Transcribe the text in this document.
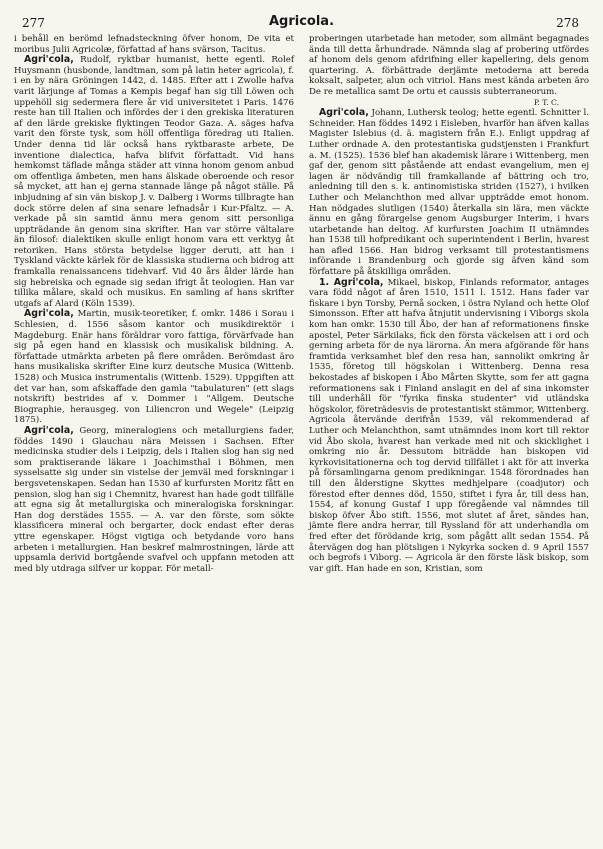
277	Agricola.	278

i behåll en berömd lefnadsteckning öfver honom, De vita et moribus Julii Agricolæ, författad af hans svärson, Tacitus.

Agri'cola, Rudolf, ryktbar humanist, hette egentl. Rolef Huysmann (husbonde, landtman, som på latin heter agricola), f. i en by nära Gröningen 1442, d. 1485. Efter att i Zwolle hafva varit lärjunge af Tomas a Kempis begaf han sig till Löwen och uppehöll sig sedermera flere år vid universitetet i Paris. 1476 reste han till Italien och infördes der i den grekiska literaturen af den lärde grekiske flyktingen Teodor Gaza. A. säges hafva varit den förste tysk, som höll offentliga föredrag uti Italien. Under denna tid lär också hans ryktbaraste arbete, De inventione dialectica, hafva blifvit författadt. Vid hans hemkomst täflade många städer att vinna honom genom anbud om offentliga ämbeten, men hans älskade oberoende och resor så mycket, att han ej gerna stannade länge på något ställe. På inbjudning af sin vän biskop J. v. Dalberg i Worms tillbragte han dock större delen af sina senare lefnadsår i Kur-Pfaltz. — A. verkade på sin samtid ännu mera genom sitt personliga uppträdande än genom sina skrifter. Han var större vältalare än filosof: dialektiken skulle enligt honom vara ett verktyg åt retoriken. Hans största betydelse ligger deruti, att han i Tyskland väckte kärlek för de klassiska studierna och bidrog att framkalla renaissancens tidehvarf. Vid 40 års ålder lärde han sig hebreiska och egnade sig sedan ifrigt åt teologien. Han var tillika målare, skald och musikus. En samling af hans skrifter utgafs af Alard (Köln 1539).

Agri'cola, Martin, musik-teoretiker, f. omkr. 1486 i Sorau i Schlesien, d. 1556 såsom kantor och musikdirektör i Magdeburg. Enär hans föräldrar voro fattiga, förvärfvade han sig på egen hand en klassisk och musikalisk bildning. A. författade utmärkta arbeten på flere områden. Berömdast äro hans musikaliska skrifter Eine kurz deutsche Musica (Wittenb. 1528) och Musica instrumentalis (Wittenb. 1529). Uppgiften att det var han, som afskaffade den gamla "tabulaturen" (ett slags notskrift) bestrides af v. Dommer i "Allgem. Deutsche Biographie, herausgeg. von Liliencron und Wegele" (Leipzig 1875).

Agri'cola, Georg, mineralogiens och metallurgiens fader, föddes 1490 i Glauchau nära Meissen i Sachsen. Efter medicinska studier dels i Leipzig, dels i Italien slog han sig ned som praktiserande läkare i Joachimsthal i Böhmen, men sysselsatte sig under sin vistelse der jemväl med forskningar i bergsvetenskapen. Sedan han 1530 af kurfursten Moritz fått en pension, slog han sig i Chemnitz, hvarest han hade godt tillfälle att egna sig åt metallurgiska och mineralogiska forskningar. Han dog derstädes 1555. — A. var den förste, som sökte klassificera mineral och bergarter, dock endast efter deras yttre egenskaper. Högst vigtiga och betydande voro hans arbeten i metallurgien. Han beskref malmrostningen, lärde att uppsamla derivid bortgående svafvel och uppfann metoden att med bly utdraga silfver ur koppar. För metall-

proberingen utarbetade han metoder, som allmänt begagnades ända till detta århundrade. Nämnda slag af probering utfördes af honom dels genom afdrifning eller kapellering, dels genom quartering. A. förbättrade derjämte metoderna att bereda koksalt, salpeter, alun och vitriol. Hans mest kända arbeten äro De re metallica samt De ortu et caussis subterraneorum.

P. T. C.

Agri'cola, Johann, Luthersk teolog; hette egentl. Schnitter l. Schneider. Han föddes 1492 i Eisleben, hvarför han äfven kallas Magister Islebius (d. ä. magistern från E.). Enligt uppdrag af Luther ordnade A. den protestantiska gudstjensten i Frankfurt a. M. (1525). 1536 blef han akademisk lärare i Wittenberg, men gaf der, genom sitt påstående att endast evangelium, men ej lagen är nödvändig till framkallande af bättring och tro, anledning till den s. k. antinomistiska striden (1527), i hvilken Luther och Melanchthon med allvar uppträdde emot honom. Han nödgades slutligen (1540) återkalla sin lära, men väckte ännu en gång förargelse genom Augsburger Interim, i hvars utarbetande han deltog. Af kurfursten Joachim II utnämndes han 1538 till hofpredikant och superintendent i Berlin, hvarest han afled 1566. Han bidrog verksamt till protestantismens införande i Brandenburg och gjorde sig äfven känd som författare på åtskilliga områden.

1. Agri'cola, Mikael, biskop, Finlands reformator, antages vara född något af åren 1510, 1511 l. 1512. Hans fader var fiskare i byn Torsby, Pernå socken, i östra Nyland och hette Olof Simonsson. Efter att hafva åtnjutit undervisning i Viborgs skola kom han omkr. 1530 till Åbo, der han af reformationens finske apostel, Peter Särkilaks, fick den första väckelsen att i ord och gerning arbeta för de nya lärorna. Än mera afgörande för hans framtida verksamhet blef den resa han, sannolikt omkring år 1535, företog till högskolan i Wittenberg. Denna resa bekostades af biskopen i Åbo Mårten Skytte, som fer att gagna reformationens sak i Finland anslagit en del af sina inkomster till underhåll för "fyrika finska studenter" vid utländska högskolor, företrädesvis de protestantiskt stämmor, Wittenberg. Agricola återvände derifrån 1539, väl rekommenderad af Luther och Melanchthon, samt utnämndes inom kort till rektor vid Åbo skola, hvarest han verkade med nit och skicklighet i omkring nio år. Dessutom biträdde han biskopen vid kyrkovisitationerna och tog dervid tillfället i akt för att inverka på församlingarna genom predikningar. 1548 förordnades han till den ålderstigne Skyttes medhjelpare (coadjutor) och förestod efter dennes död, 1550, stiftet i fyra år, till dess han, 1554, af konung Gustaf I upp föregående val nämndes till biskop öfver Åbo stift. 1556, mot slutet af året, sändes han, jämte flere andra herrar, till Ryssland för att underhandla om fred efter det förödande krig, som pågått allt sedan 1554. På återvägen dog han plötsligen i Nykyrka socken d. 9 April 1557 och begrofs i Viborg. — Agricola är den förste läsk biskop, som var gift. Han hade en son, Kristian, som
